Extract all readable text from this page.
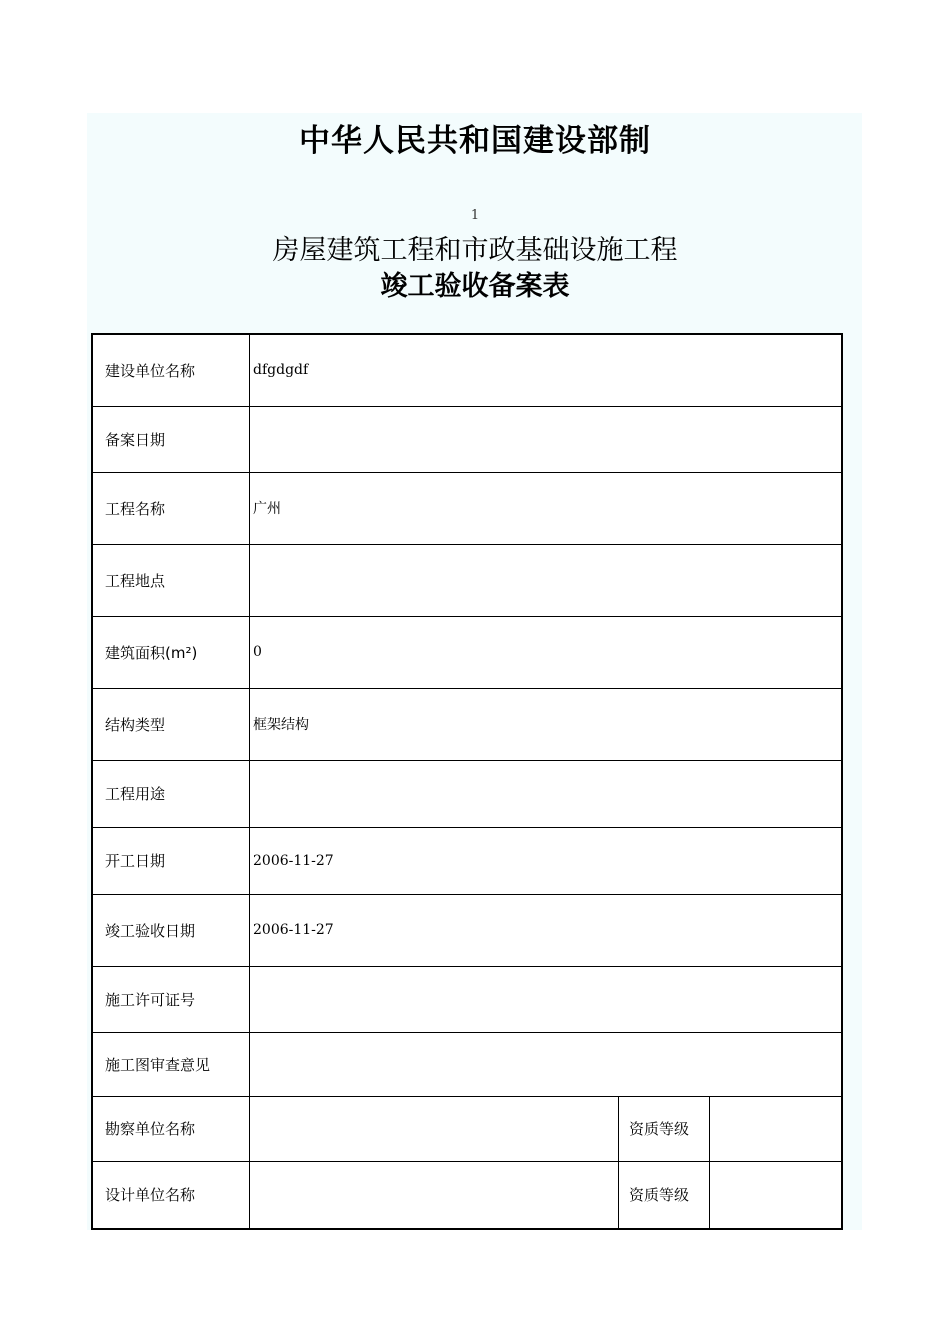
中华人民共和国建设部制
1
房屋建筑工程和市政基础设施工程
竣工验收备案表
建设单位名称	dfgdgdf		
备案日期			
工程名称	广州		
工程地点			
建筑面积(m²)	0		
结构类型	框架结构		
工程用途			
开工日期	2006-11-27		
竣工验收日期	2006-11-27		
施工许可证号			
施工图审查意见			
勘察单位名称		资质等级	
设计单位名称		资质等级	
